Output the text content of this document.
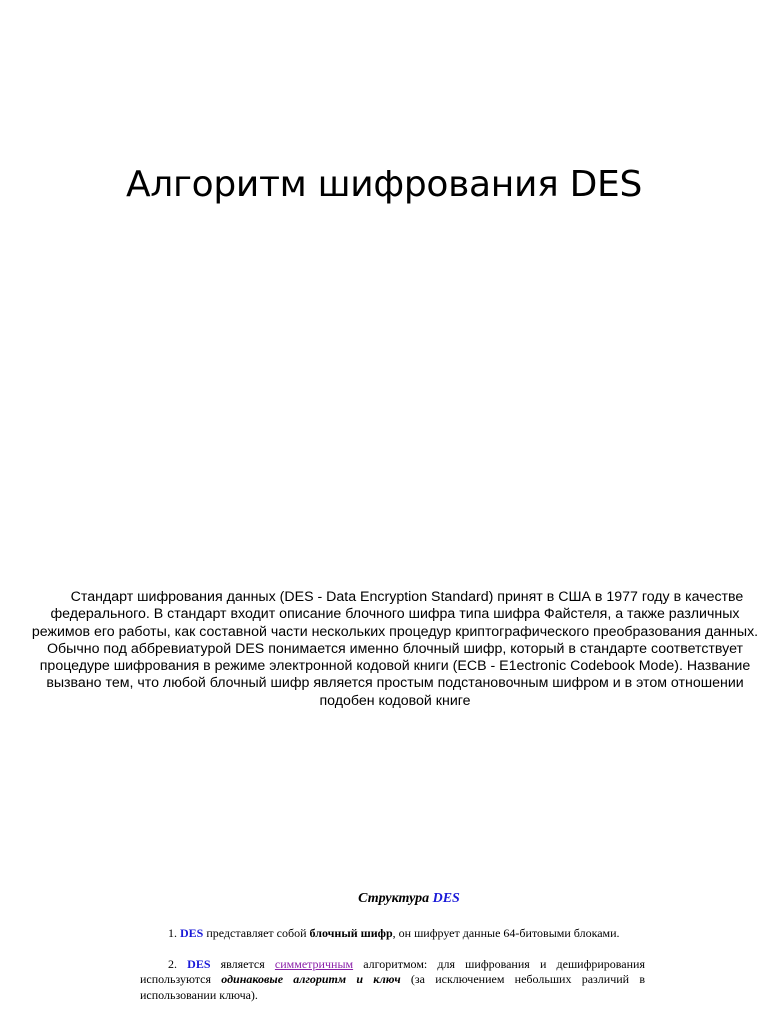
Алгоритм шифрования DES

Стандарт шифрования данных (DES - Data Encryption Standard) принят в США в 1977 году в качестве федерального. В стандарт входит описание блочного шифра типа шифра Файстеля, а также различных режимов его работы, как составной части нескольких процедур криптографического преобразования данных. Обычно под аббревиатурой DES понимается именно блочный шифр, который в стандарте соответствует процедуре шифрования в режиме электронной кодовой книги (ECB - E1ectronic Codebook Mode). Название вызвано тем, что любой блочный шифр является простым подстановочным шифром и в этом отношении подобен кодовой книге

Структура DES
1. DES представляет собой блочный шифр, он шифрует данные 64-битовыми блоками.
2. DES является симметричным алгоритмом: для шифрования и дешифрирования используются одинаковые алгоритм и ключ (за исключением небольших различий в использовании ключа).
